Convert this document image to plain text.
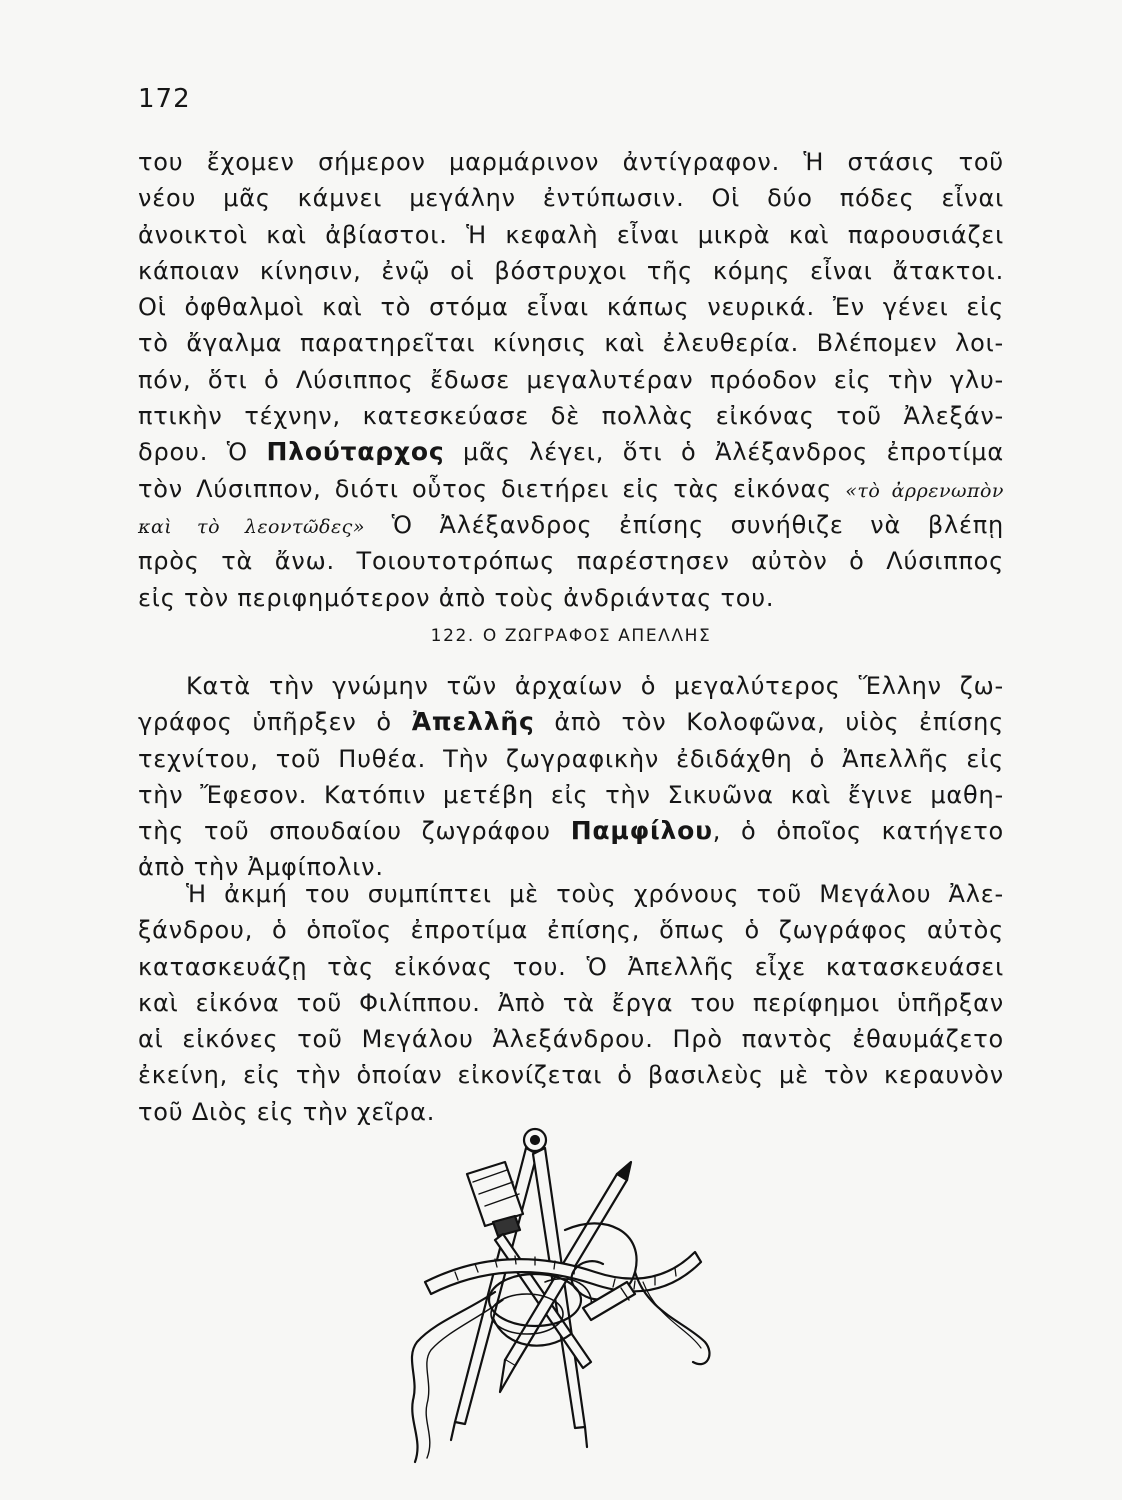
172
του ἔχομεν σήμερον μαρμάρινον ἀντίγραφον. Ἡ στάσις τοῦ
νέου μᾶς κάμνει μεγάλην ἐντύπωσιν. Οἱ δύο πόδες εἶναι
ἀνοικτοὶ καὶ ἀβίαστοι. Ἡ κεφαλὴ εἶναι μικρὰ καὶ παρουσιάζει
κάποιαν κίνησιν, ἐνῷ οἱ βόστρυχοι τῆς κόμης εἶναι ἄτακτοι.
Οἱ ὀφθαλμοὶ καὶ τὸ στόμα εἶναι κάπως νευρικά. Ἐν γένει εἰς
τὸ ἄγαλμα παρατηρεῖται κίνησις καὶ ἐλευθερία. Βλέπομεν λοι-
πόν, ὅτι ὁ Λύσιππος ἔδωσε μεγαλυτέραν πρόοδον εἰς τὴν γλυ-
πτικὴν τέχνην, κατεσκεύασε δὲ πολλὰς εἰκόνας τοῦ Ἀλεξάν-
δρου. Ὁ Πλούταρχος μᾶς λέγει, ὅτι ὁ Ἀλέξανδρος ἐπροτίμα
τὸν Λύσιππον, διότι οὗτος διετήρει εἰς τὰς εἰκόνας «τὸ ἀρρενωπὸν
καὶ τὸ λεοντῶδες» Ὁ Ἀλέξανδρος ἐπίσης συνήθιζε νὰ βλέπῃ
πρὸς τὰ ἄνω. Τοιουτοτρόπως παρέστησεν αὐτὸν ὁ Λύσιππος
εἰς τὸν περιφημότερον ἀπὸ τοὺς ἀνδριάντας του.
122. Ο ΖΩΓΡΑΦΟΣ ΑΠΕΛΛΗΣ
Κατὰ τὴν γνώμην τῶν ἀρχαίων ὁ μεγαλύτερος Ἕλλην ζω-
γράφος ὑπῆρξεν ὁ Ἀπελλῆς ἀπὸ τὸν Κολοφῶνα, υἱὸς ἐπίσης
τεχνίτου, τοῦ Πυθέα. Τὴν ζωγραφικὴν ἐδιδάχθη ὁ Ἀπελλῆς εἰς
τὴν Ἔφεσον. Κατόπιν μετέβη εἰς τὴν Σικυῶνα καὶ ἔγινε μαθη-
τὴς τοῦ σπουδαίου ζωγράφου Παμφίλου, ὁ ὁποῖος κατήγετο
ἀπὸ τὴν Ἀμφίπολιν.
Ἡ ἀκμή του συμπίπτει μὲ τοὺς χρόνους τοῦ Μεγάλου Ἀλε-
ξάνδρου, ὁ ὁποῖος ἐπροτίμα ἐπίσης, ὅπως ὁ ζωγράφος αὐτὸς
κατασκευάζῃ τὰς εἰκόνας του. Ὁ Ἀπελλῆς εἶχε κατασκευάσει
καὶ εἰκόνα τοῦ Φιλίππου. Ἀπὸ τὰ ἔργα του περίφημοι ὑπῆρξαν
αἱ εἰκόνες τοῦ Μεγάλου Ἀλεξάνδρου. Πρὸ παντὸς ἐθαυμάζετο
ἐκείνη, εἰς τὴν ὁποίαν εἰκονίζεται ὁ βασιλεὺς μὲ τὸν κεραυνὸν
τοῦ Διὸς εἰς τὴν χεῖρα.
